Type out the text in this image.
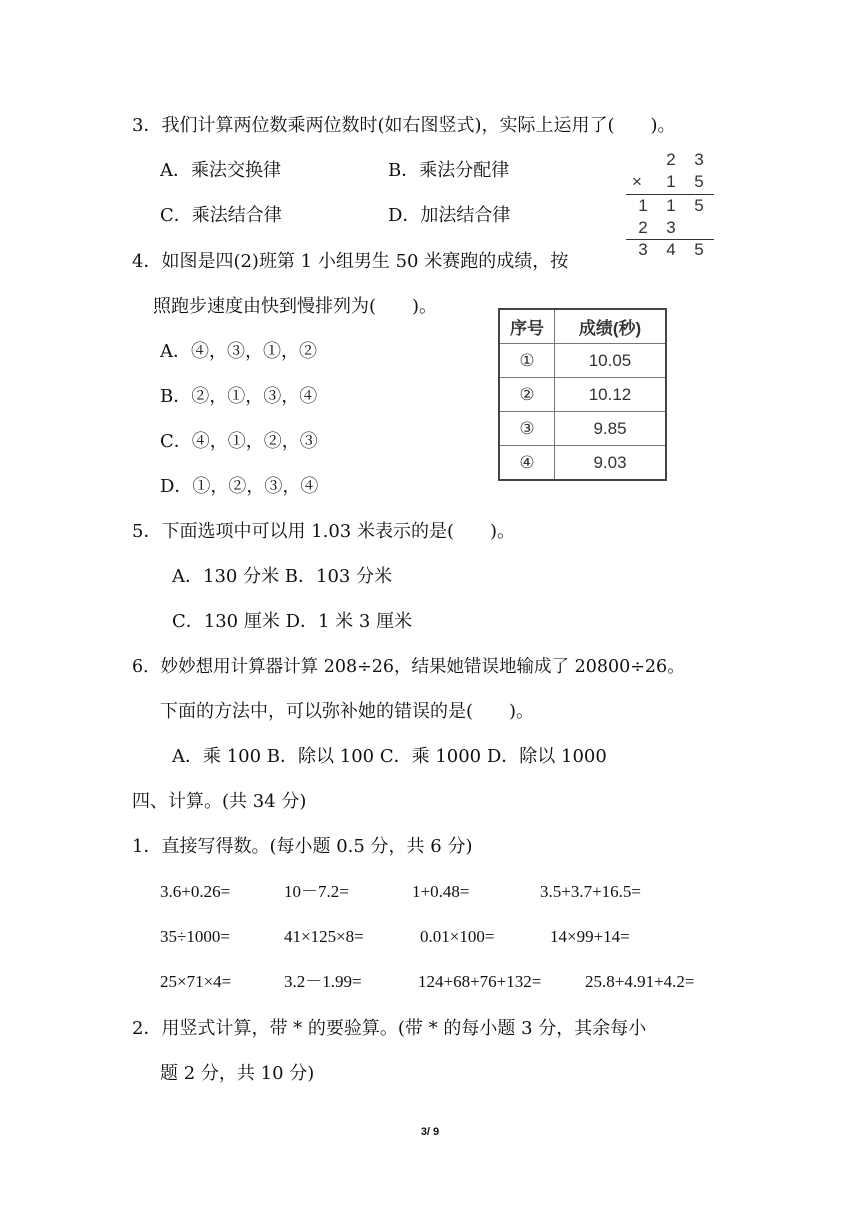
3．我们计算两位数乘两位数时(如右图竖式)，实际上运用了(　　)。
A．乘法交换律	B．乘法分配律
C．乘法结合律	D．加法结合律
2 3
× 1 5
1 1 5
2 3
3 4 5
4．如图是四(2)班第 1 小组男生 50 米赛跑的成绩，按
照跑步速度由快到慢排列为(　　)。
A．④，③，①，②
B．②，①，③，④
C．④，①，②，③
D．①，②，③，④
序号	成绩(秒)
①	10.05
②	10.12
③	9.85
④	9.03
5．下面选项中可以用 1.03 米表示的是(　　)。
A．130 分米 B．103 分米
C．130 厘米 D．1 米 3 厘米
6．妙妙想用计算器计算 208÷26，结果她错误地输成了 20800÷26。
下面的方法中，可以弥补她的错误的是(　　)。
A．乘 100 B．除以 100 C．乘 1000 D．除以 1000
四、计算。(共 34 分)
1．直接写得数。(每小题 0.5 分，共 6 分)
3.6+0.26=	10－7.2=	1+0.48=	3.5+3.7+16.5=
35÷1000=	41×125×8=	0.01×100=	14×99+14=
25×71×4=	3.2－1.99=	124+68+76+132=	25.8+4.91+4.2=
2．用竖式计算，带 * 的要验算。(带 * 的每小题 3 分，其余每小
题 2 分，共 10 分)
3/ 9
